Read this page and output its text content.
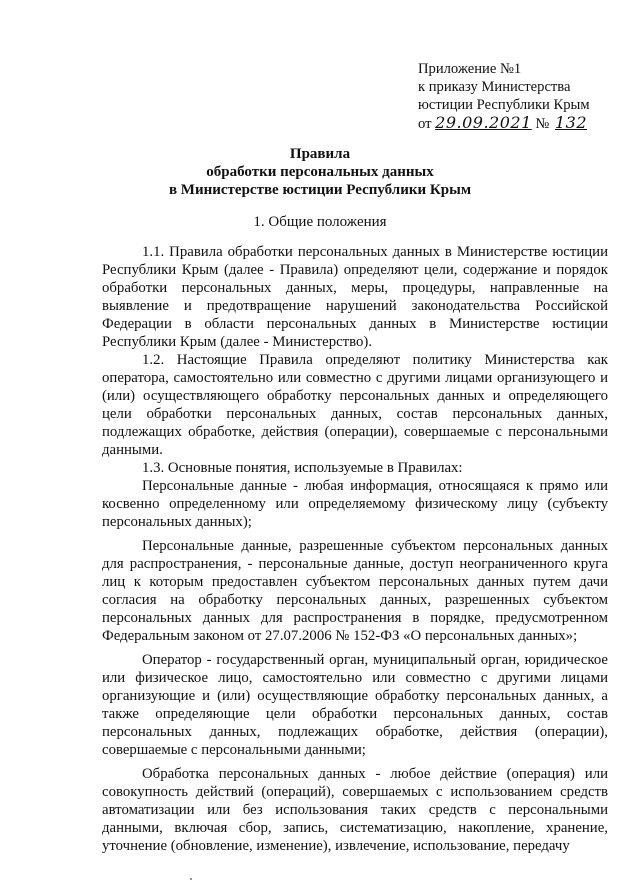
Приложение №1
к приказу Министерства
юстиции Республики Крым
от 29.09.2021 № 132
Правила
обработки персональных данных
в Министерстве юстиции Республики Крым
1. Общие положения

1.1. Правила обработки персональных данных в Министерстве юстиции Республики Крым (далее - Правила) определяют цели, содержание и порядок обработки персональных данных, меры, процедуры, направленные на выявление и предотвращение нарушений законодательства Российской Федерации в области персональных данных в Министерстве юстиции Республики Крым (далее - Министерство).

1.2. Настоящие Правила определяют политику Министерства как оператора, самостоятельно или совместно с другими лицами организующего и (или) осуществляющего обработку персональных данных и определяющего цели обработки персональных данных, состав персональных данных, подлежащих обработке, действия (операции), совершаемые с персональными данными.

1.3. Основные понятия, используемые в Правилах:

Персональные данные - любая информация, относящаяся к прямо или косвенно определенному или определяемому физическому лицу (субъекту персональных данных);

Персональные данные, разрешенные субъектом персональных данных для распространения, - персональные данные, доступ неограниченного круга лиц к которым предоставлен субъектом персональных данных путем дачи согласия на обработку персональных данных, разрешенных субъектом персональных данных для распространения в порядке, предусмотренном Федеральным законом от 27.07.2006 № 152-ФЗ «О персональных данных»;

Оператор - государственный орган, муниципальный орган, юридическое или физическое лицо, самостоятельно или совместно с другими лицами организующие и (или) осуществляющие обработку персональных данных, а также определяющие цели обработки персональных данных, состав персональных данных, подлежащих обработке, действия (операции), совершаемые с персональными данными;

Обработка персональных данных - любое действие (операция) или совокупность действий (операций), совершаемых с использованием средств автоматизации или без использования таких средств с персональными данными, включая сбор, запись, систематизацию, накопление, хранение, уточнение (обновление, изменение), извлечение, использование, передачу
